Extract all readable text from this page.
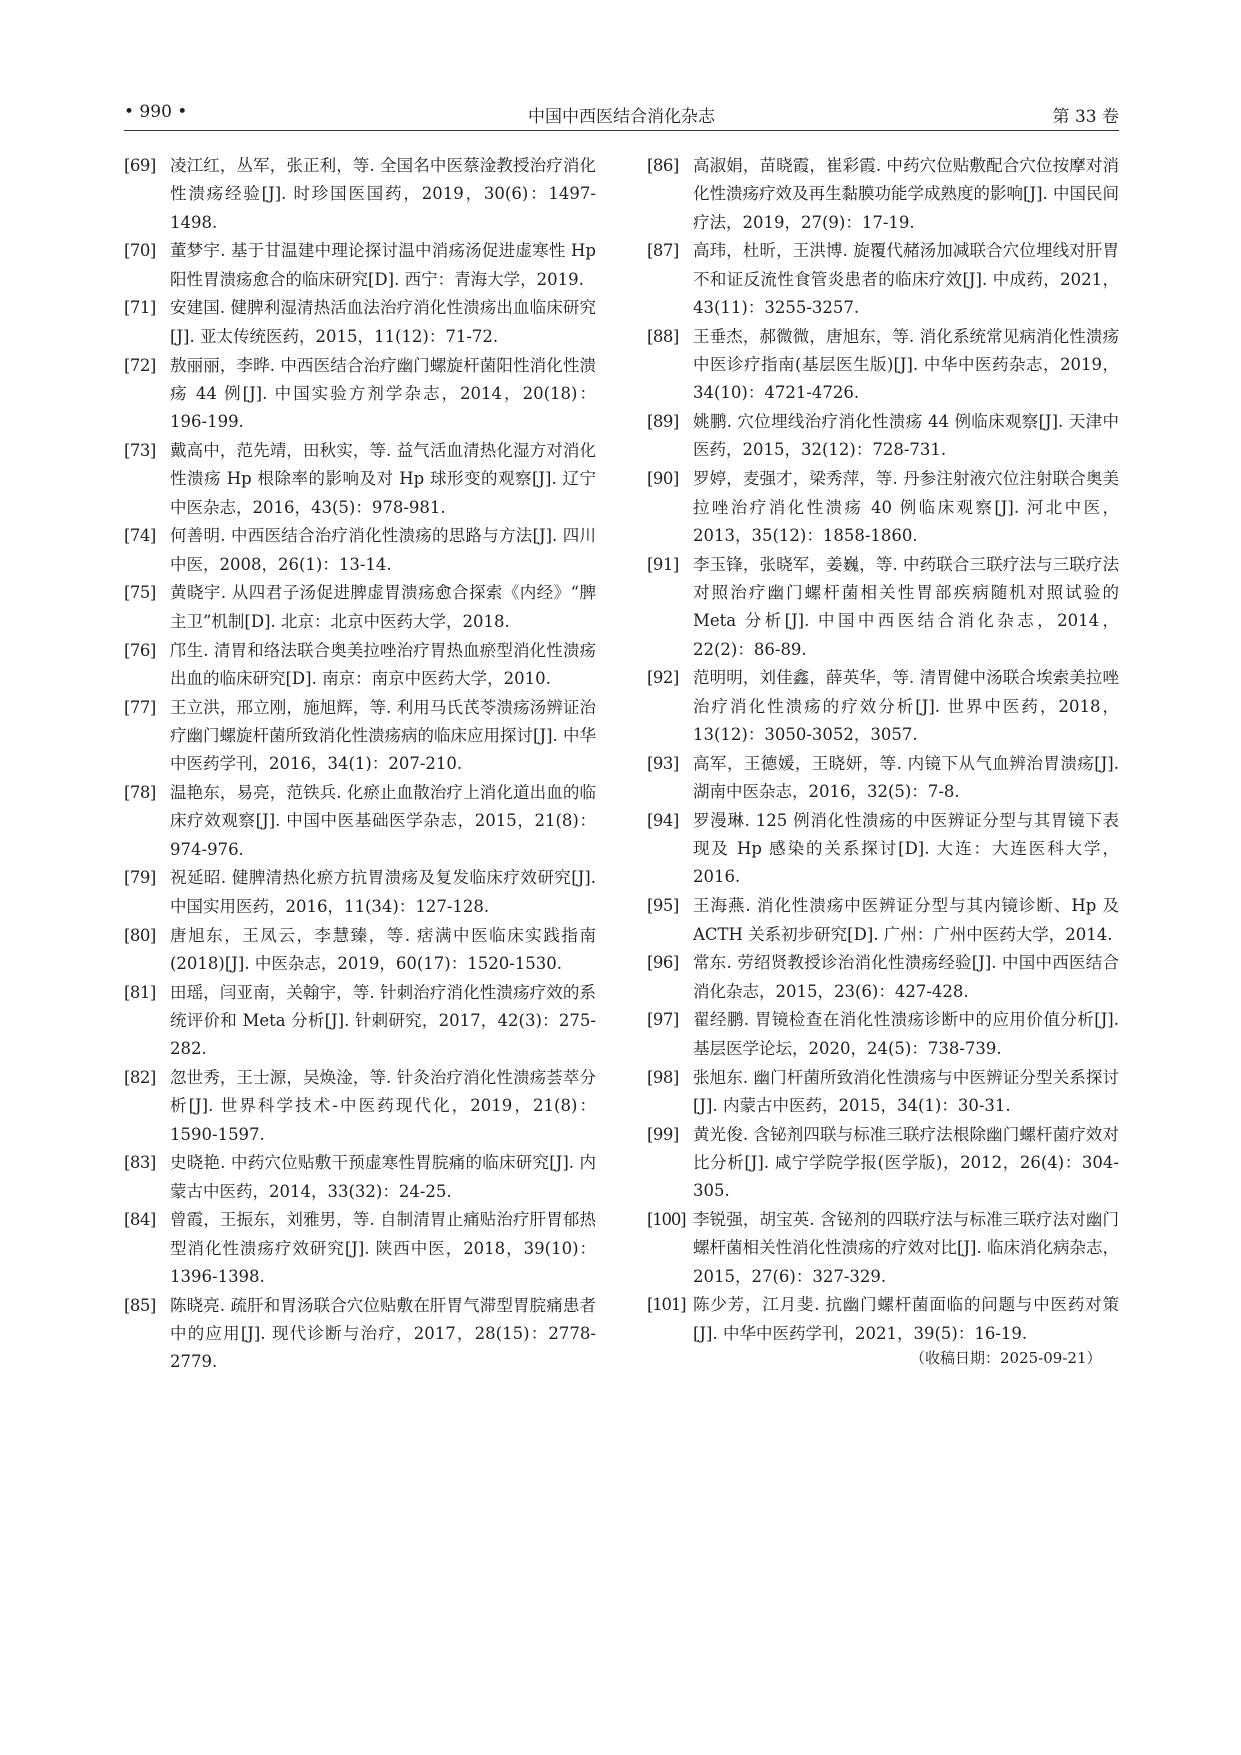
• 990 •	中国中西医结合消化杂志	第 33 卷
[69] 凌江红，丛军，张正利，等. 全国名中医蔡淦教授治疗消化性溃疡经验[J]. 时珍国医国药，2019，30(6)：1497-1498.
[70] 董梦宇. 基于甘温建中理论探讨温中消疡汤促进虚寒性 Hp 阳性胃溃疡愈合的临床研究[D]. 西宁：青海大学，2019.
[71] 安建国. 健脾利湿清热活血法治疗消化性溃疡出血临床研究[J]. 亚太传统医药，2015，11(12)：71-72.
[72] 敖丽丽，李晔. 中西医结合治疗幽门螺旋杆菌阳性消化性溃疡 44 例[J]. 中国实验方剂学杂志，2014，20(18)：196-199.
[73] 戴高中，范先靖，田秋实，等. 益气活血清热化湿方对消化性溃疡 Hp 根除率的影响及对 Hp 球形变的观察[J]. 辽宁中医杂志，2016，43(5)：978-981.
[74] 何善明. 中西医结合治疗消化性溃疡的思路与方法[J]. 四川中医，2008，26(1)：13-14.
[75] 黄晓宇. 从四君子汤促进脾虚胃溃疡愈合探索《内经》“脾主卫”机制[D]. 北京：北京中医药大学，2018.
[76] 邝生. 清胃和络法联合奥美拉唑治疗胃热血瘀型消化性溃疡出血的临床研究[D]. 南京：南京中医药大学，2010.
[77] 王立洪，邢立刚，施旭辉，等. 利用马氏芪苓溃疡汤辨证治疗幽门螺旋杆菌所致消化性溃疡病的临床应用探讨[J]. 中华中医药学刊，2016，34(1)：207-210.
[78] 温艳东，易亮，范铁兵. 化瘀止血散治疗上消化道出血的临床疗效观察[J]. 中国中医基础医学杂志，2015，21(8)：974-976.
[79] 祝延昭. 健脾清热化瘀方抗胃溃疡及复发临床疗效研究[J]. 中国实用医药，2016，11(34)：127-128.
[80] 唐旭东，王凤云，李慧臻，等. 痞满中医临床实践指南(2018)[J]. 中医杂志，2019，60(17)：1520-1530.
[81] 田瑶，闫亚南，关翰宇，等. 针刺治疗消化性溃疡疗效的系统评价和 Meta 分析[J]. 针刺研究，2017，42(3)：275-282.
[82] 忽世秀，王士源，吴焕淦，等. 针灸治疗消化性溃疡荟萃分析[J]. 世界科学技术-中医药现代化，2019，21(8)：1590-1597.
[83] 史晓艳. 中药穴位贴敷干预虚寒性胃脘痛的临床研究[J]. 内蒙古中医药，2014，33(32)：24-25.
[84] 曾霞，王振东，刘雅男，等. 自制清胃止痛贴治疗肝胃郁热型消化性溃疡疗效研究[J]. 陕西中医，2018，39(10)：1396-1398.
[85] 陈晓亮. 疏肝和胃汤联合穴位贴敷在肝胃气滞型胃脘痛患者中的应用[J]. 现代诊断与治疗，2017，28(15)：2778-2779.
[86] 高淑娟，苗晓霞，崔彩霞. 中药穴位贴敷配合穴位按摩对消化性溃疡疗效及再生黏膜功能学成熟度的影响[J]. 中国民间疗法，2019，27(9)：17-19.
[87] 高玮，杜昕，王洪博. 旋覆代赭汤加减联合穴位埋线对肝胃不和证反流性食管炎患者的临床疗效[J]. 中成药，2021，43(11)：3255-3257.
[88] 王垂杰，郝微微，唐旭东，等. 消化系统常见病消化性溃疡中医诊疗指南(基层医生版)[J]. 中华中医药杂志，2019，34(10)：4721-4726.
[89] 姚鹏. 穴位埋线治疗消化性溃疡 44 例临床观察[J]. 天津中医药，2015，32(12)：728-731.
[90] 罗婷，麦强才，梁秀萍，等. 丹参注射液穴位注射联合奥美拉唑治疗消化性溃疡 40 例临床观察[J]. 河北中医，2013，35(12)：1858-1860.
[91] 李玉锋，张晓军，姜巍，等. 中药联合三联疗法与三联疗法对照治疗幽门螺杆菌相关性胃部疾病随机对照试验的 Meta 分析[J]. 中国中西医结合消化杂志，2014，22(2)：86-89.
[92] 范明明，刘佳鑫，薛英华，等. 清胃健中汤联合埃索美拉唑治疗消化性溃疡的疗效分析[J]. 世界中医药，2018，13(12)：3050-3052，3057.
[93] 高军，王德媛，王晓妍，等. 内镜下从气血辨治胃溃疡[J]. 湖南中医杂志，2016，32(5)：7-8.
[94] 罗漫琳. 125 例消化性溃疡的中医辨证分型与其胃镜下表现及 Hp 感染的关系探讨[D]. 大连：大连医科大学，2016.
[95] 王海燕. 消化性溃疡中医辨证分型与其内镜诊断、Hp 及 ACTH 关系初步研究[D]. 广州：广州中医药大学，2014.
[96] 常东. 劳绍贤教授诊治消化性溃疡经验[J]. 中国中西医结合消化杂志，2015，23(6)：427-428.
[97] 翟经鹏. 胃镜检查在消化性溃疡诊断中的应用价值分析[J]. 基层医学论坛，2020，24(5)：738-739.
[98] 张旭东. 幽门杆菌所致消化性溃疡与中医辨证分型关系探讨[J]. 内蒙古中医药，2015，34(1)：30-31.
[99] 黄光俊. 含铋剂四联与标准三联疗法根除幽门螺杆菌疗效对比分析[J]. 咸宁学院学报(医学版)，2012，26(4)：304-305.
[100] 李锐强，胡宝英. 含铋剂的四联疗法与标准三联疗法对幽门螺杆菌相关性消化性溃疡的疗效对比[J]. 临床消化病杂志，2015，27(6)：327-329.
[101] 陈少芳，江月斐. 抗幽门螺杆菌面临的问题与中医药对策[J]. 中华中医药学刊，2021，39(5)：16-19.
（收稿日期：2025-09-21）
